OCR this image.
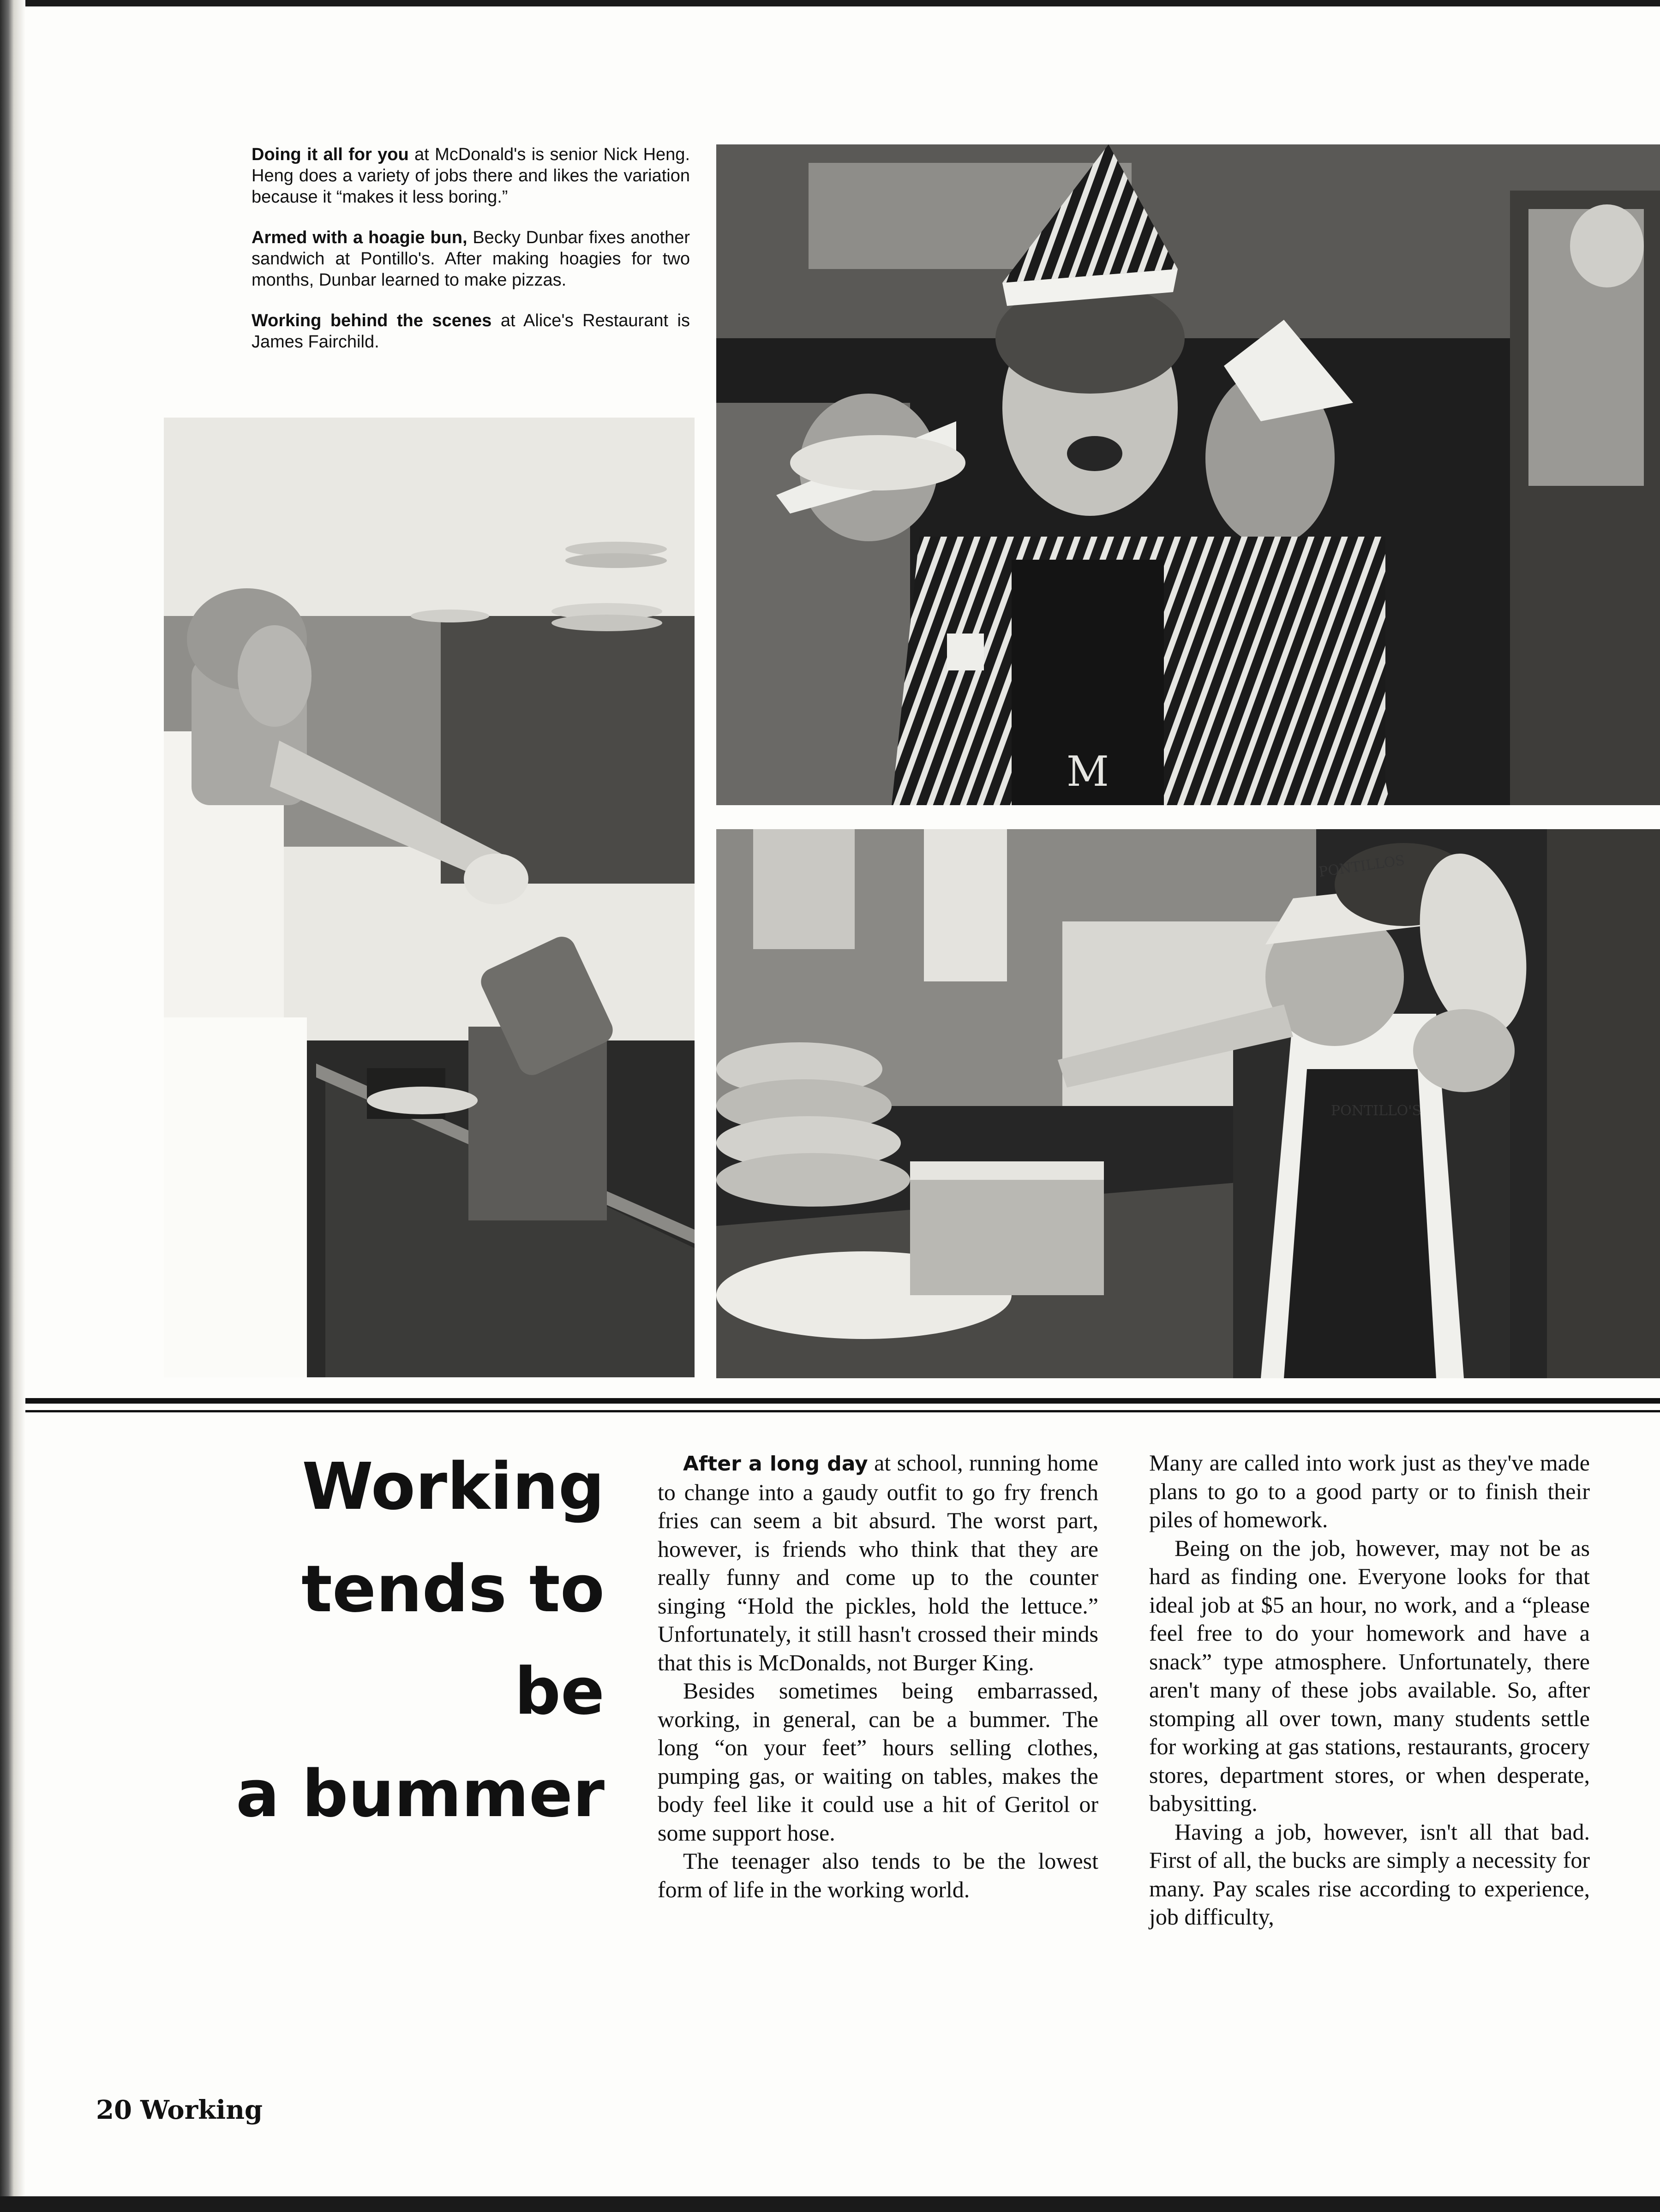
Doing it all for you at McDonald's is senior Nick Heng. Heng does a variety of jobs there and likes the variation because it “makes it less boring.”

Armed with a hoagie bun, Becky Dunbar fixes another sandwich at Pontillo's. After making hoagies for two months, Dunbar learned to make pizzas.

Working behind the scenes at Alice's Restaurant is James Fairchild.

M
PONTILLO'S
PONTILLOS
Working
tends to be
a bummer

After a long day at school, running home to change into a gaudy outfit to go fry french fries can seem a bit absurd. The worst part, however, is friends who think that they are really funny and come up to the counter singing “Hold the pickles, hold the lettuce.” Unfortunately, it still hasn't crossed their minds that this is McDonalds, not Burger King.

Besides sometimes being embarrassed, working, in general, can be a bummer. The long “on your feet” hours selling clothes, pumping gas, or waiting on tables, makes the body feel like it could use a hit of Geritol or some support hose.

The teenager also tends to be the lowest form of life in the working world.

Many are called into work just as they've made plans to go to a good party or to finish their piles of homework.

Being on the job, however, may not be as hard as finding one. Everyone looks for that ideal job at $5 an hour, no work, and a “please feel free to do your homework and have a snack” type atmosphere. Unfortunately, there aren't many of these jobs available. So, after stomping all over town, many students settle for working at gas stations, restaurants, grocery stores, department stores, or when desperate, babysitting.

Having a job, however, isn't all that bad. First of all, the bucks are simply a necessity for many. Pay scales rise according to experience, job difficulty,

20 Working
